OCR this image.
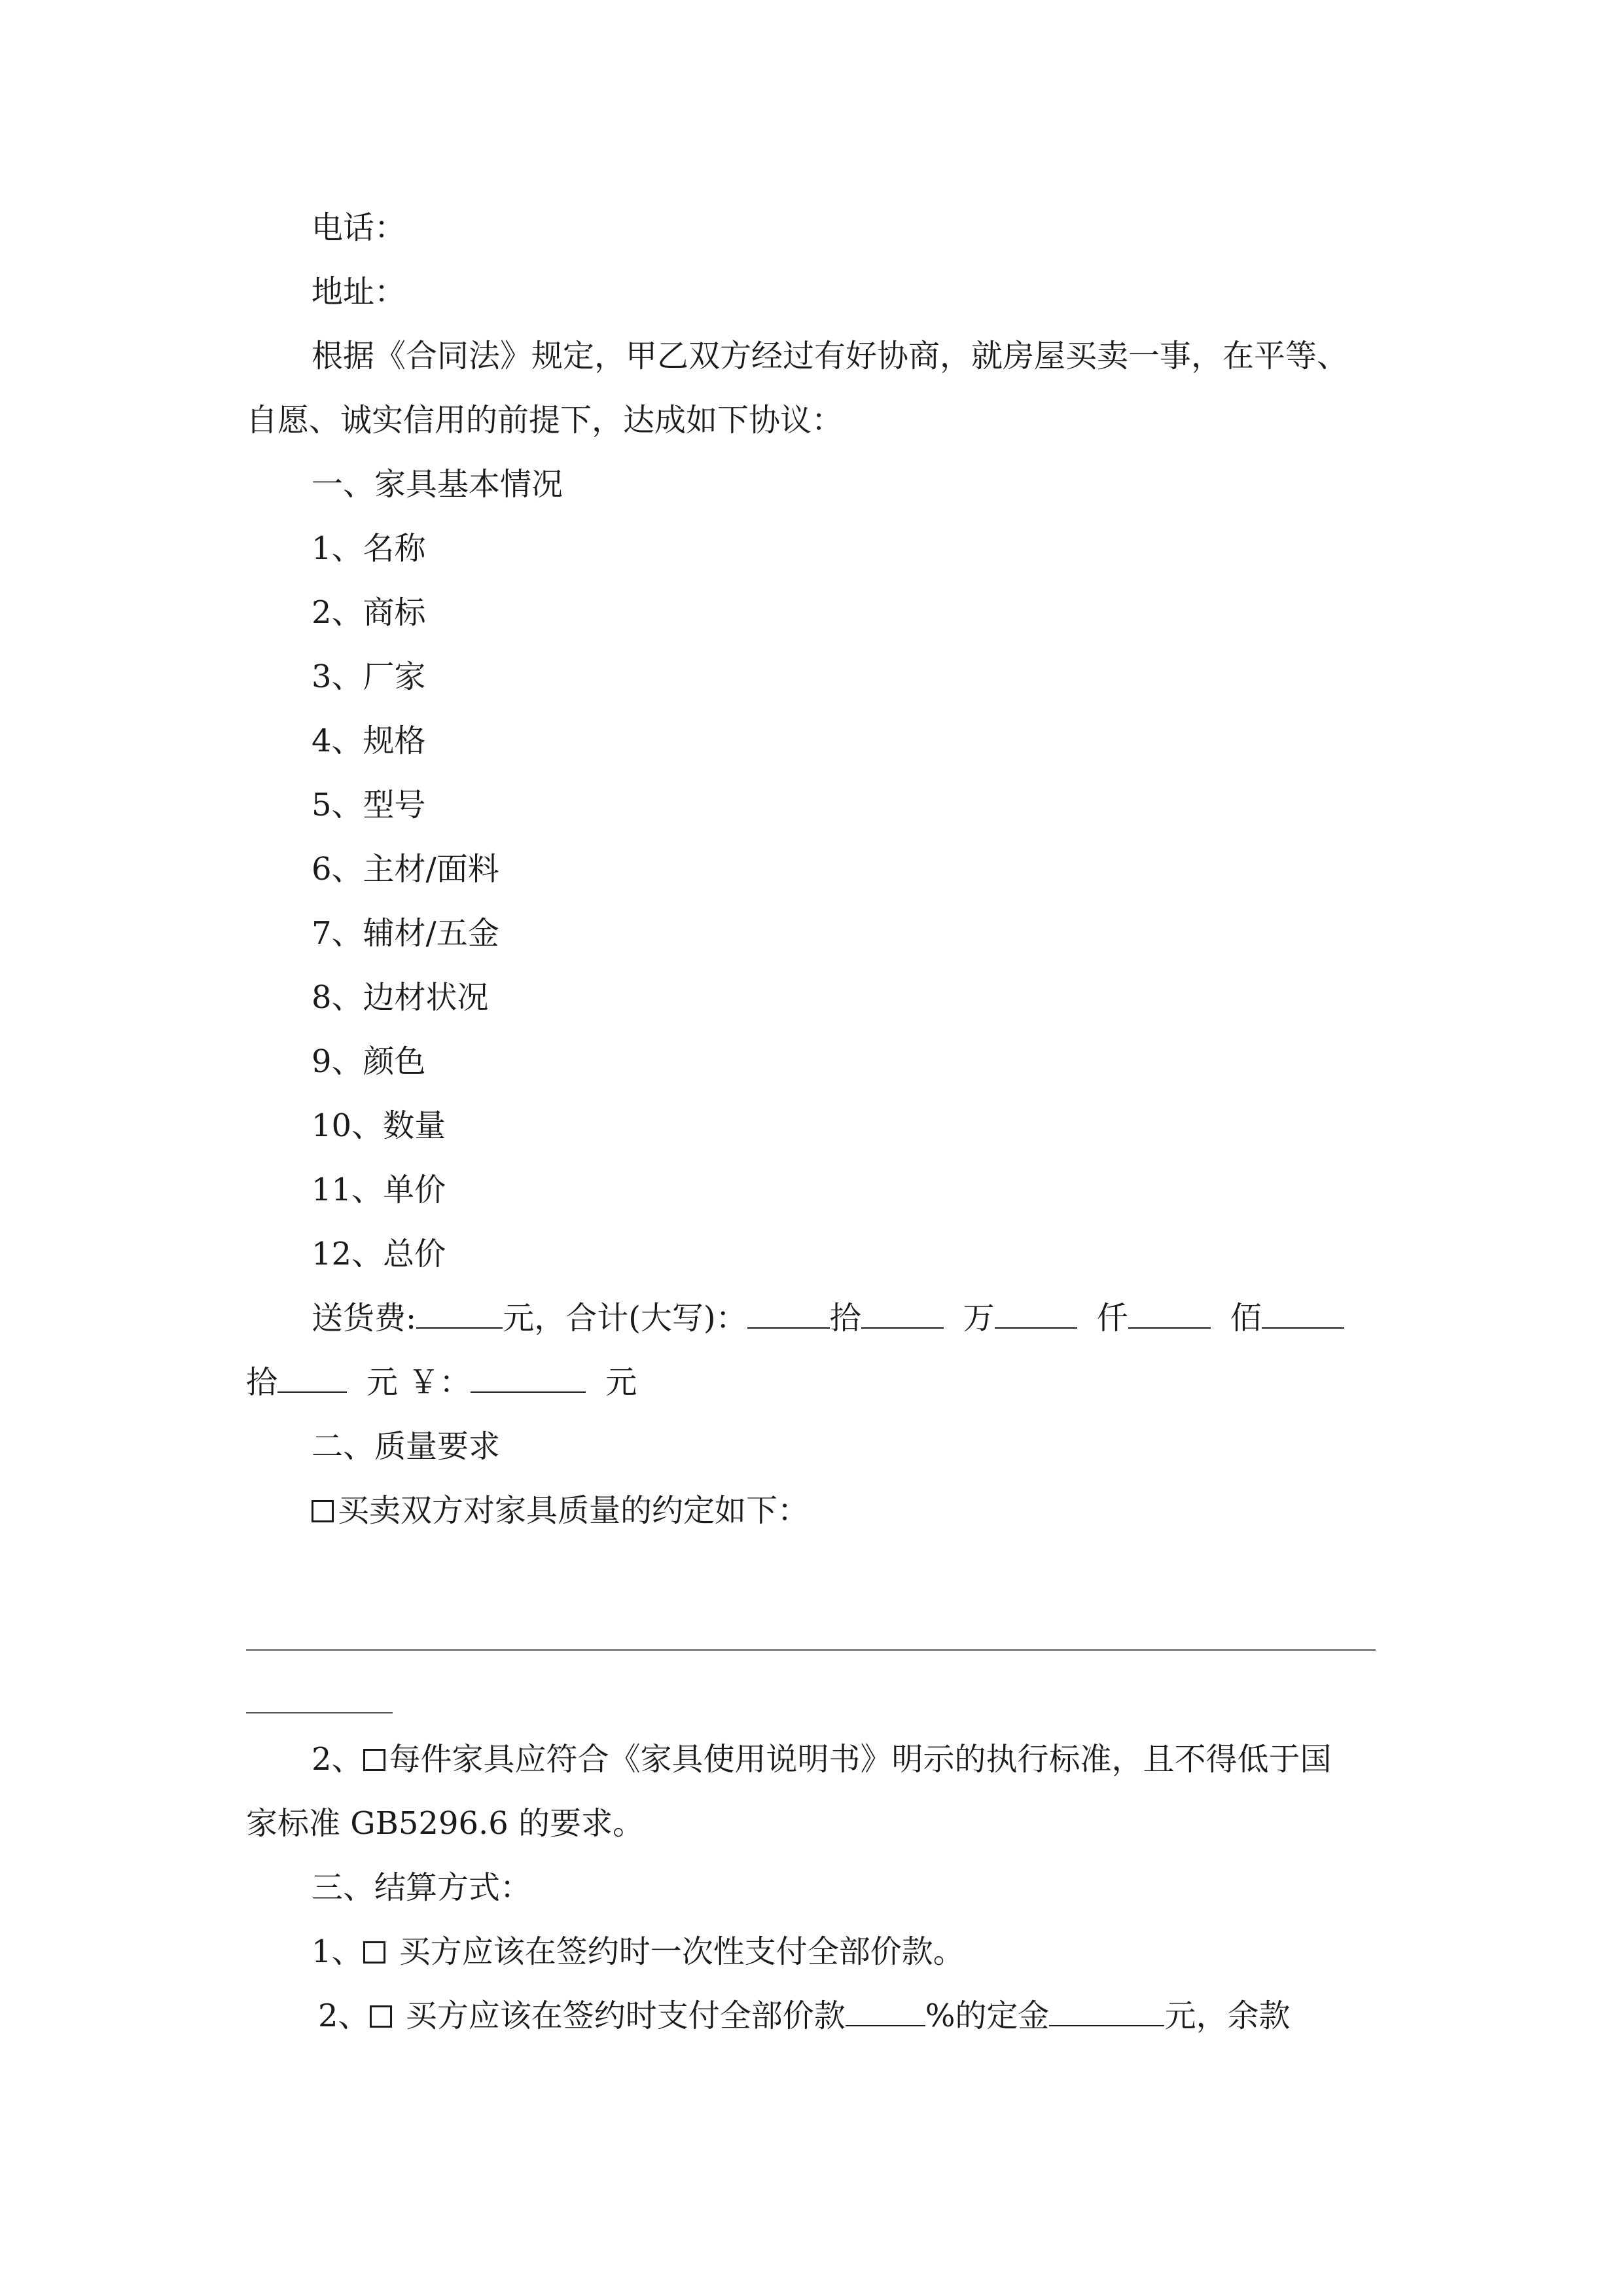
电话：
地址：
根据《合同法》规定，甲乙双方经过有好协商，就房屋买卖一事，在平等、
自愿、诚实信用的前提下，达成如下协议：
一、家具基本情况
1、名称
2、商标
3、厂家
4、规格
5、型号
6、主材/面料
7、辅材/五金
8、边材状况
9、颜色
10、数量
11、单价
12、总价
送货费:	元，合计(大写)：	拾	万	仟	佰
拾	元 ￥：	元
二、质量要求
买卖双方对家具质量的约定如下：
2、 每件家具应符合《家具使用说明书》明示的执行标准，且不得低于国
家标准 GB5296.6 的要求。
三、结算方式：
1、 买方应该在签约时一次性支付全部价款。
2、 买方应该在签约时支付全部价款	%的定金	元，余款
